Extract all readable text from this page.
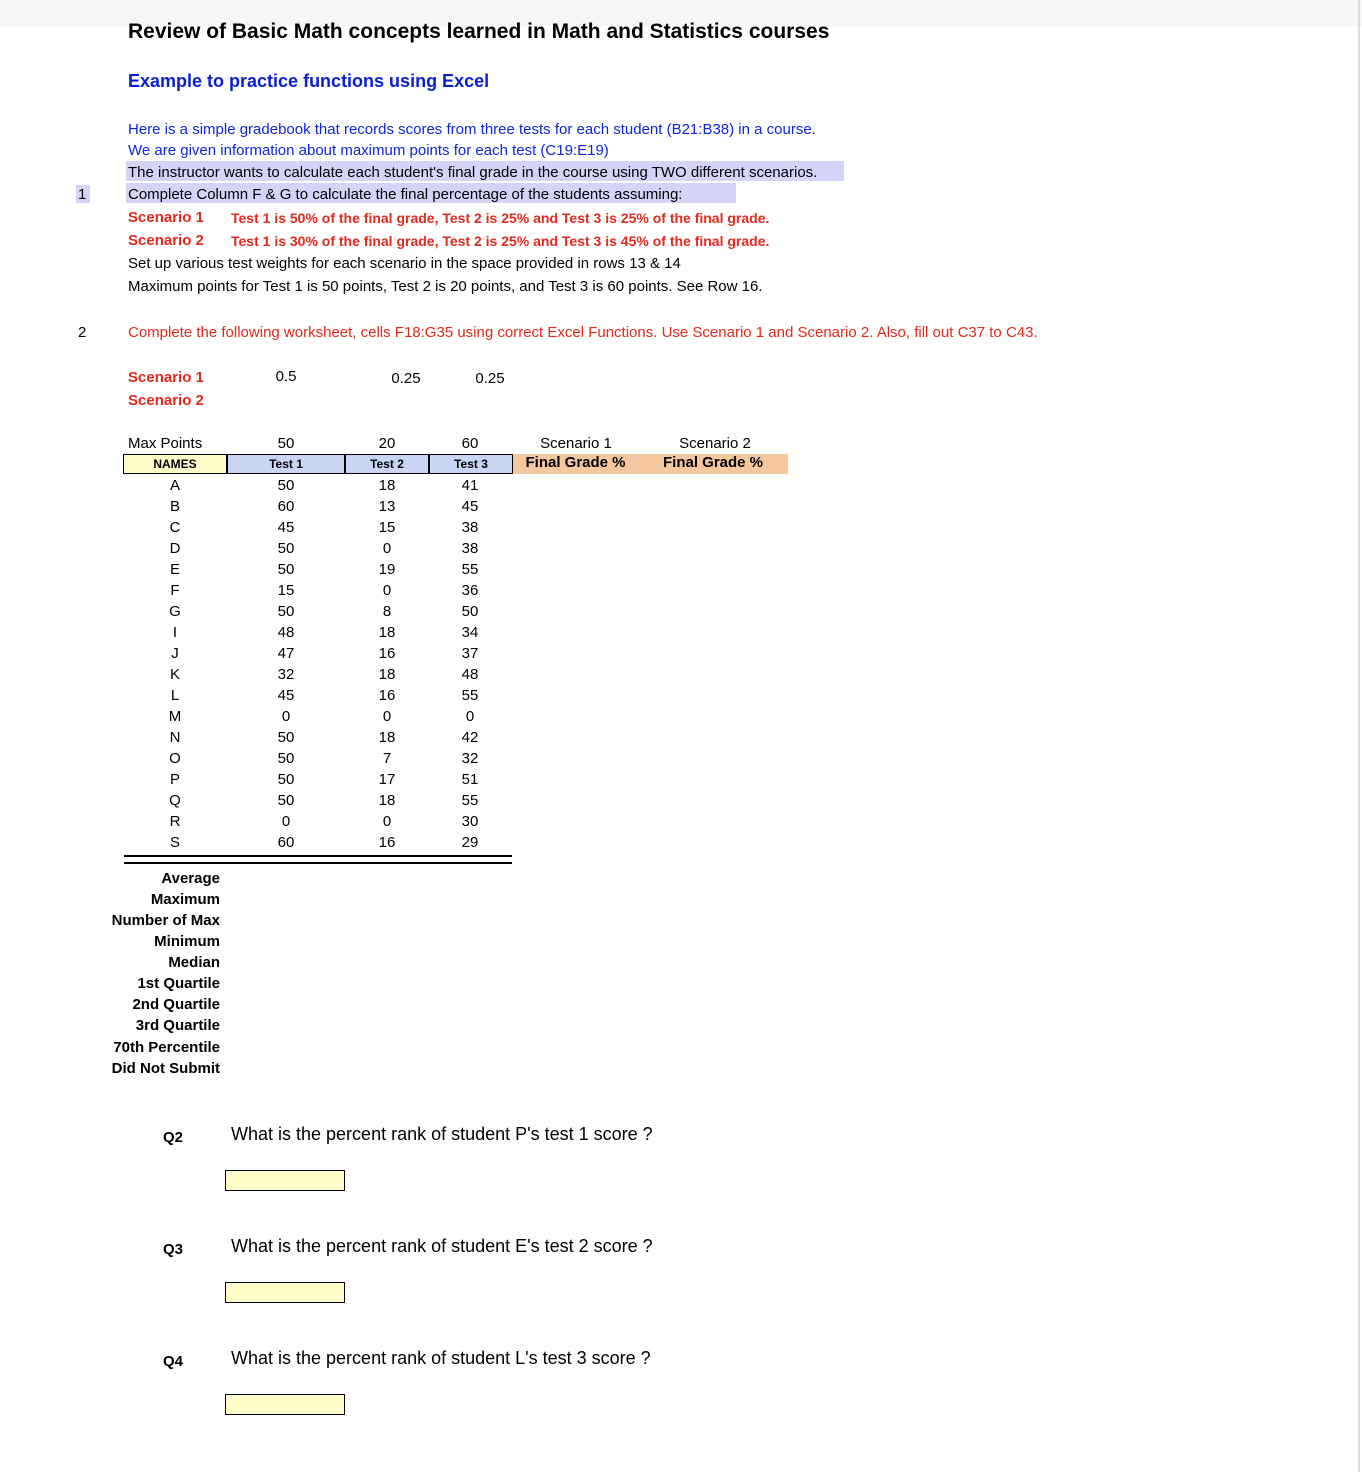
Review of Basic Math concepts learned in Math and Statistics courses
Example to practice functions using Excel
Here is a simple gradebook that records scores from three tests for each student (B21:B38) in a course.
We are given information about maximum points for each test (C19:E19)
The instructor wants to calculate each student's final grade in the course using TWO different scenarios.
Complete Column F & G to calculate the final percentage of the students assuming:
1
Scenario 1 Test 1 is 50% of the final grade, Test 2 is 25% and Test 3 is 25% of the final grade.
Scenario 2 Test 1 is 30% of the final grade, Test 2 is 25% and Test 3 is 45% of the final grade.
Set up various test weights for each scenario in the space provided in rows 13 & 14
Maximum points for Test 1 is 50 points, Test 2 is 20 points, and Test 3 is 60 points. See Row 16.
2	Complete the following worksheet, cells F18:G35 using correct Excel Functions. Use Scenario 1 and Scenario 2. Also, fill out C37 to C43.
Scenario 1
Scenario 2
0.5	0.25	0.25
Max Points	50	20	60	Scenario 1	Scenario 2
NAMES	Test 1	Test 2	Test 3	Final Grade %	Final Grade %
A	50	18	41
B	60	13	45
C	45	15	38
D	50	0	38
E	50	19	55
F	15	0	36
G	50	8	50
I	48	18	34
J	47	16	37
K	32	18	48
L	45	16	55
M	0	0	0
N	50	18	42
O	50	7	32
P	50	17	51
Q	50	18	55
R	0	0	30
S	60	16	29
Average
Maximum
Number of Max
Minimum
Median
1st Quartile
2nd Quartile
3rd Quartile
70th Percentile
Did Not Submit
Q2	What is the percent rank of student P's test 1 score ?
Q3	What is the percent rank of student E's test 2 score ?
Q4	What is the percent rank of student L's test 3 score ?
